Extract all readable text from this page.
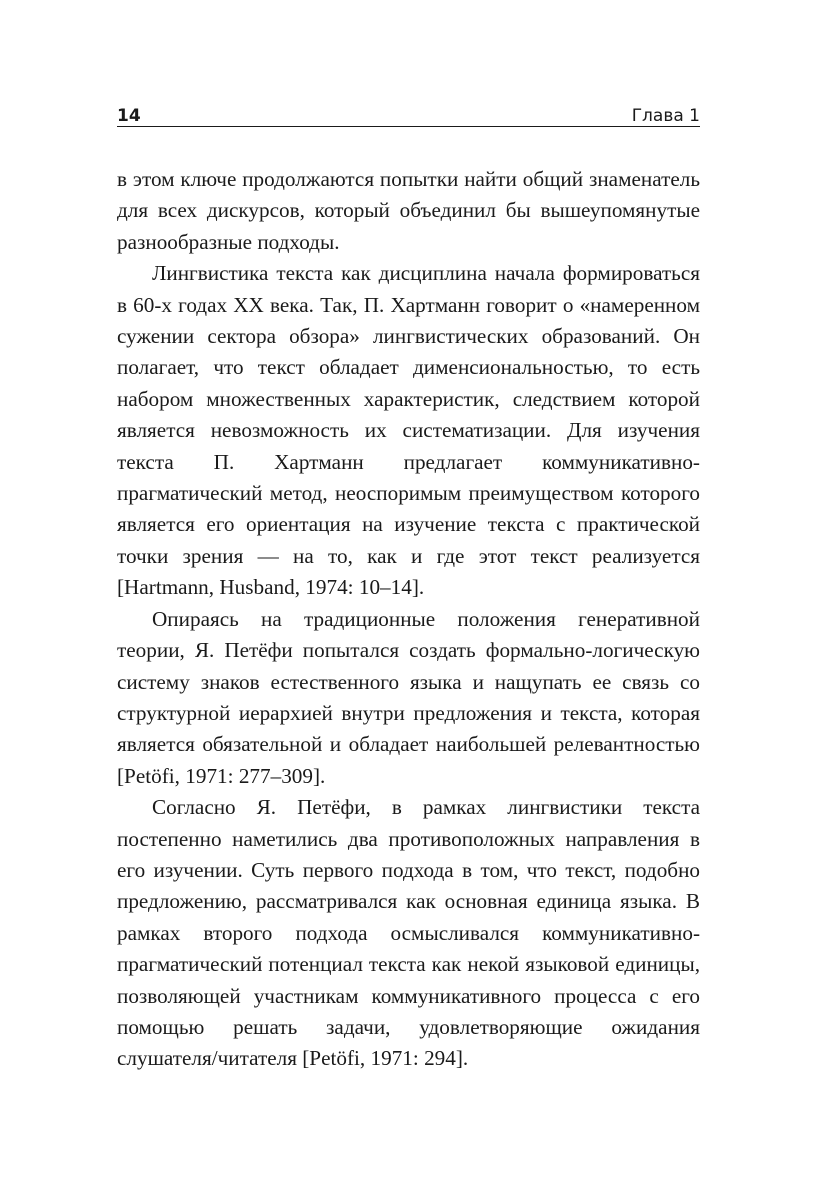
14	Глава 1

в этом ключе продолжаются попытки найти общий знаменатель для всех дискурсов, который объединил бы вышеупомянутые разнообразные подходы.

Лингвистика текста как дисциплина начала формироваться в 60-х годах XX века. Так, П. Хартманн говорит о «намеренном сужении сектора обзора» лингвистических образований. Он полагает, что текст обладает дименсиональностью, то есть набором множественных характеристик, следствием которой является невозможность их систематизации. Для изучения текста П. Хартманн предлагает коммуникативно-прагматический метод, неоспоримым преимуществом которого является его ориентация на изучение текста с практической точки зрения — на то, как и где этот текст реализуется [Hartmann, Husband, 1974: 10–14].

Опираясь на традиционные положения генеративной теории, Я. Петёфи попытался создать формально-логическую систему знаков естественного языка и нащупать ее связь со структурной иерархией внутри предложения и текста, которая является обязательной и обладает наибольшей релевантностью [Petöfi, 1971: 277–309].

Согласно Я. Петёфи, в рамках лингвистики текста постепенно наметились два противоположных направления в его изучении. Суть первого подхода в том, что текст, подобно предложению, рассматривался как основная единица языка. В рамках второго подхода осмысливался коммуникативно-прагматический потенциал текста как некой языковой единицы, позволяющей участникам коммуникативного процесса с его помощью решать задачи, удовлетворяющие ожидания слушателя/читателя [Petöfi, 1971: 294].
